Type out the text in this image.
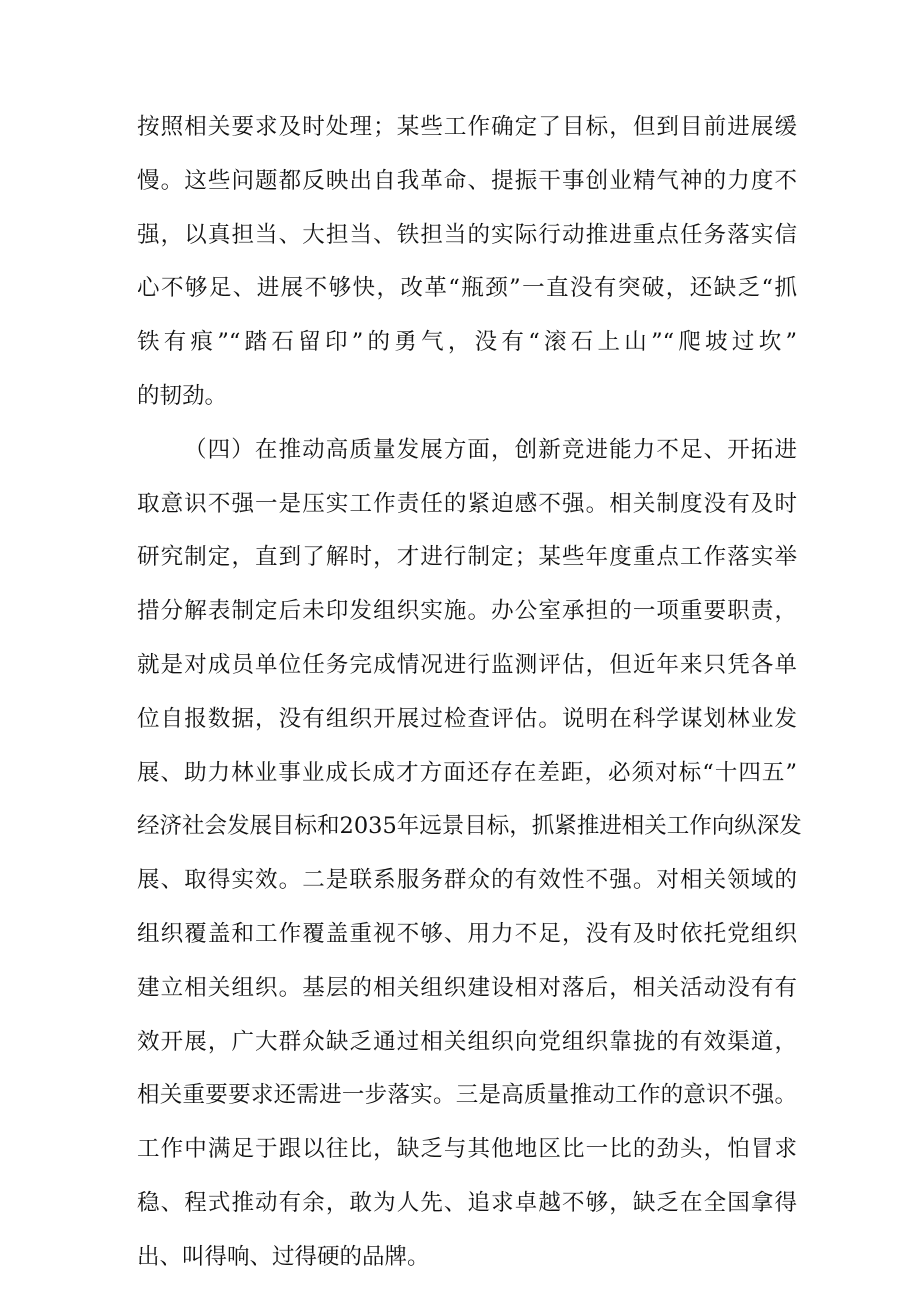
按照相关要求及时处理；某些工作确定了目标，但到目前进展缓
慢。这些问题都反映出自我革命、提振干事创业精气神的力度不
强，以真担当、大担当、铁担当的实际行动推进重点任务落实信
心不够足、进展不够快，改革“瓶颈”一直没有突破，还缺乏“抓
铁有痕”“踏石留印”的勇气，没有“滚石上山”“爬坡过坎”
的韧劲。
（四）在推动高质量发展方面，创新竞进能力不足、开拓进
取意识不强一是压实工作责任的紧迫感不强。相关制度没有及时
研究制定，直到了解时，才进行制定；某些年度重点工作落实举
措分解表制定后未印发组织实施。办公室承担的一项重要职责，
就是对成员单位任务完成情况进行监测评估，但近年来只凭各单
位自报数据，没有组织开展过检查评估。说明在科学谋划林业发
展、助力林业事业成长成才方面还存在差距，必须对标“十四五”
经济社会发展目标和2035年远景目标，抓紧推进相关工作向纵深发
展、取得实效。二是联系服务群众的有效性不强。对相关领域的
组织覆盖和工作覆盖重视不够、用力不足，没有及时依托党组织
建立相关组织。基层的相关组织建设相对落后，相关活动没有有
效开展，广大群众缺乏通过相关组织向党组织靠拢的有效渠道，
相关重要要求还需进一步落实。三是高质量推动工作的意识不强。
工作中满足于跟以往比，缺乏与其他地区比一比的劲头，怕冒求
稳、程式推动有余，敢为人先、追求卓越不够，缺乏在全国拿得
出、叫得响、过得硬的品牌。
